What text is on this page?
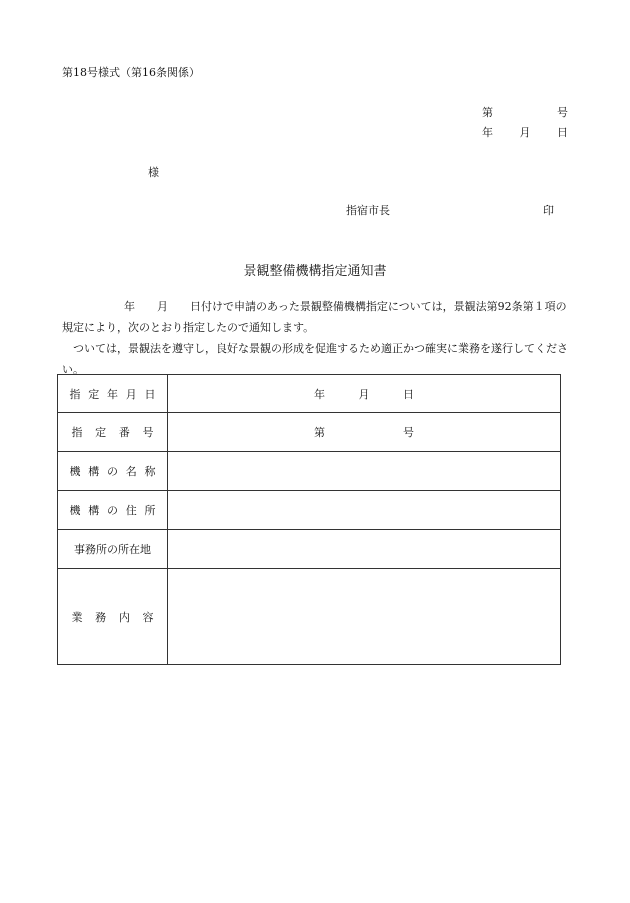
第18号様式（第16条関係）
第	号
年 月 日
様
指宿市長	印
景観整備機構指定通知書

年 月 日付けで申請のあった景観整備機構指定については，景観法第92条第１項の規定により，次のとおり指定したので通知します。

ついては，景観法を遵守し，良好な景観の形成を促進するため適正かつ確実に業務を遂行してください。

指 定 年 月 日	年 月 日

指 定 番 号	第 号

機 構 の 名 称	

機 構 の 住 所	

事務所の所在地	

業 務 内 容	
